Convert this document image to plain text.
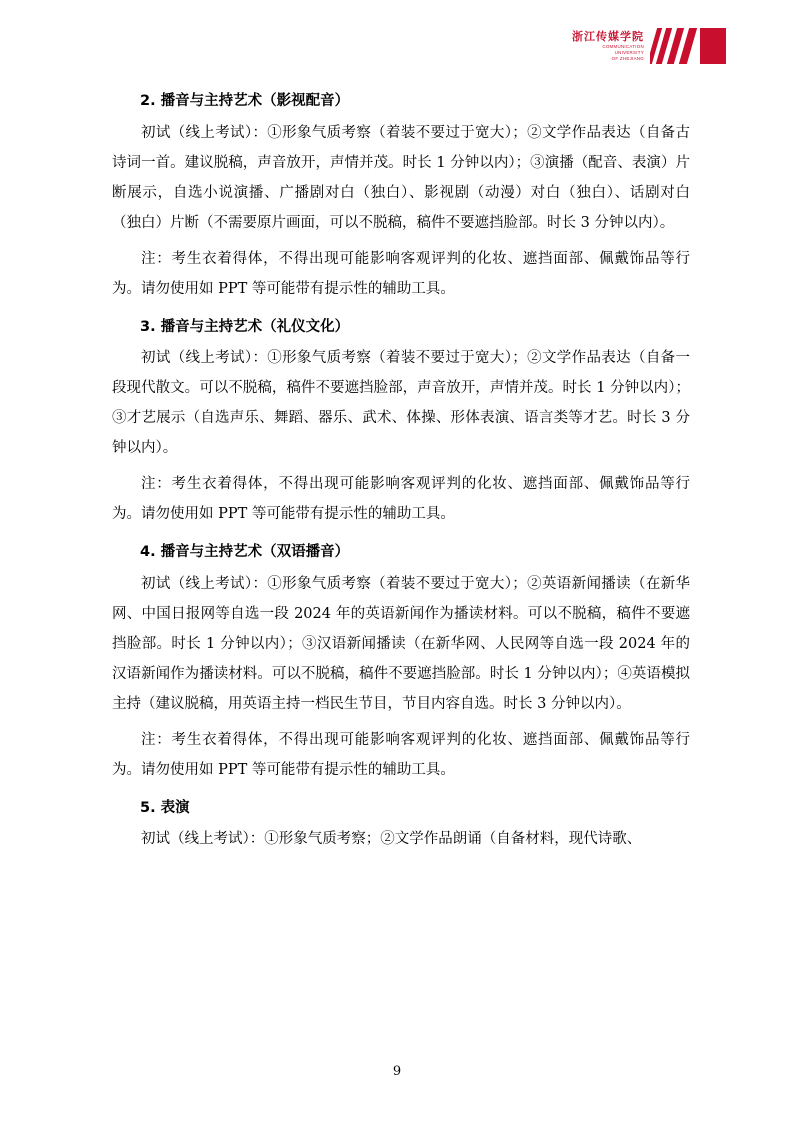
浙江传媒学院
COMMUNICATION
UNIVERSITY
OF ZHEJIANG
2. 播音与主持艺术（影视配音）

初试（线上考试）：①形象气质考察（着装不要过于宽大）；②文学作品表达（自备古诗词一首。建议脱稿，声音放开，声情并茂。时长 1 分钟以内）；③演播（配音、表演）片断展示，自选小说演播、广播剧对白（独白）、影视剧（动漫）对白（独白）、话剧对白（独白）片断（不需要原片画面，可以不脱稿，稿件不要遮挡脸部。时长 3 分钟以内）。

注：考生衣着得体，不得出现可能影响客观评判的化妆、遮挡面部、佩戴饰品等行为。请勿使用如 PPT 等可能带有提示性的辅助工具。

3. 播音与主持艺术（礼仪文化）

初试（线上考试）：①形象气质考察（着装不要过于宽大）；②文学作品表达（自备一段现代散文。可以不脱稿，稿件不要遮挡脸部，声音放开，声情并茂。时长 1 分钟以内）；③才艺展示（自选声乐、舞蹈、器乐、武术、体操、形体表演、语言类等才艺。时长 3 分钟以内）。

注：考生衣着得体，不得出现可能影响客观评判的化妆、遮挡面部、佩戴饰品等行为。请勿使用如 PPT 等可能带有提示性的辅助工具。

4. 播音与主持艺术（双语播音）

初试（线上考试）：①形象气质考察（着装不要过于宽大）；②英语新闻播读（在新华网、中国日报网等自选一段 2024 年的英语新闻作为播读材料。可以不脱稿，稿件不要遮挡脸部。时长 1 分钟以内）；③汉语新闻播读（在新华网、人民网等自选一段 2024 年的汉语新闻作为播读材料。可以不脱稿，稿件不要遮挡脸部。时长 1 分钟以内）；④英语模拟主持（建议脱稿，用英语主持一档民生节目，节目内容自选。时长 3 分钟以内）。

注：考生衣着得体，不得出现可能影响客观评判的化妆、遮挡面部、佩戴饰品等行为。请勿使用如 PPT 等可能带有提示性的辅助工具。

5. 表演

初试（线上考试）：①形象气质考察；②文学作品朗诵（自备材料，现代诗歌、

9
